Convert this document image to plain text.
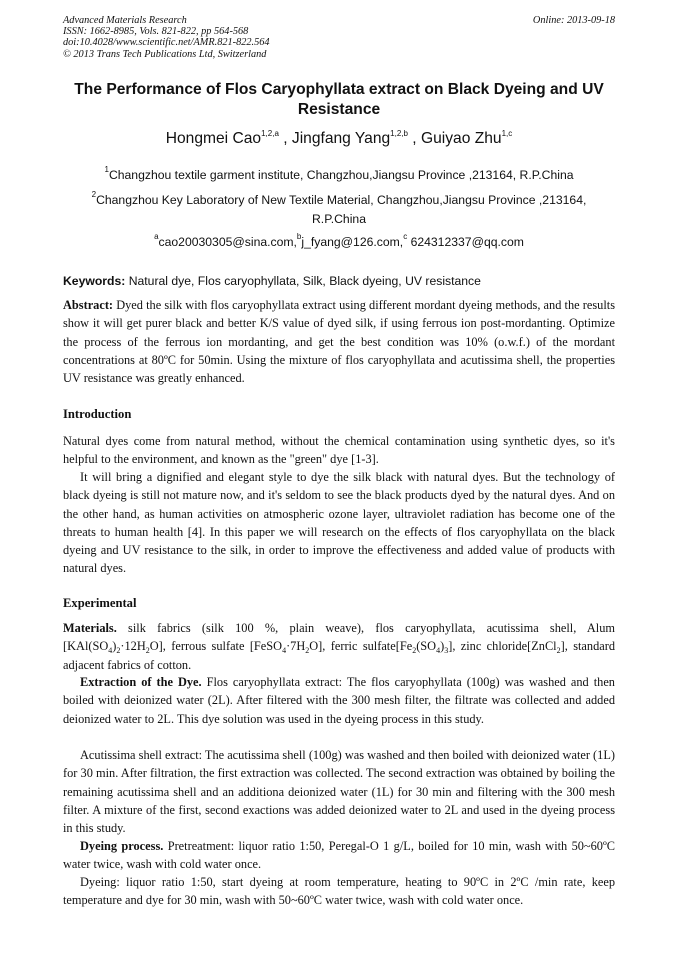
Advanced Materials Research
ISSN: 1662-8985, Vols. 821-822, pp 564-568
doi:10.4028/www.scientific.net/AMR.821-822.564
© 2013 Trans Tech Publications Ltd, Switzerland
Online: 2013-09-18
The Performance of Flos Caryophyllata extract on Black Dyeing and UV Resistance
Hongmei Cao$^{1,2,a}$ , Jingfang Yang$^{1,2,b}$ , Guiyao Zhu$^{1,c}$
$^1$Changzhou textile garment institute, Changzhou,Jiangsu Province ,213164, R.P.China
$^2$Changzhou Key Laboratory of New Textile Material, Changzhou,Jiangsu Province ,213164,
R.P.China
$^a$cao20030305@sina.com,$^b$j_fyang@126.com,$^c$ 624312337@qq.com
Keywords: Natural dye, Flos caryophyllata, Silk, Black dyeing, UV resistance
Abstract: Dyed the silk with flos caryophyllata extract using different mordant dyeing methods, and the results show it will get purer black and better K/S value of dyed silk, if using ferrous ion post-mordanting. Optimize the process of the ferrous ion mordanting, and get the best condition was 10% (o.w.f.) of the mordant concentrations at 80ºC for 50min. Using the mixture of flos caryophyllata and acutissima shell, the properties UV resistance was greatly enhanced.
Introduction
Natural dyes come from natural method, without the chemical contamination using synthetic dyes, so it's helpful to the environment, and known as the "green" dye [1-3].
It will bring a dignified and elegant style to dye the silk black with natural dyes. But the technology of black dyeing is still not mature now, and it's seldom to see the black products dyed by the natural dyes. And on the other hand, as human activities on atmospheric ozone layer, ultraviolet radiation has become one of the threats to human health [4]. In this paper we will research on the effects of flos caryophyllata on the black dyeing and UV resistance to the silk, in order to improve the effectiveness and added value of products with natural dyes.
Experimental
Materials. silk fabrics (silk 100 %, plain weave), flos caryophyllata, acutissima shell, Alum $[KAl(SO_4)_2\cdot 12H_2O]$, ferrous sulfate $[FeSO_4\cdot 7H_2O]$, ferric $sulfate[Fe_2(SO_4)_3]$, zinc chloride[ZnCl$_2$], standard adjacent fabrics of cotton.
Extraction of the Dye. Flos caryophyllata extract: The flos caryophyllata (100g) was washed and then boiled with deionized water (2L). After filtered with the 300 mesh filter, the filtrate was collected and added deionized water to 2L. This dye solution was used in the dyeing process in this study.
Acutissima shell extract: The acutissima shell (100g) was washed and then boiled with deionized water (1L) for 30 min. After filtration, the first extraction was collected. The second extraction was obtained by boiling the remaining acutissima shell and an additiona deionized water (1L) for 30 min and filtering with the 300 mesh filter. A mixture of the first, second exactions was added deionized water to 2L and used in the dyeing process in this study.
Dyeing process. Pretreatment: liquor ratio 1:50, Peregal-O 1 g/L, boiled for 10 min, wash with 50~60ºC water twice, wash with cold water once.
Dyeing: liquor ratio 1:50, start dyeing at room temperature, heating to 90ºC in 2ºC /min rate, keep temperature and dye for 30 min, wash with 50~60ºC water twice, wash with cold water once.
